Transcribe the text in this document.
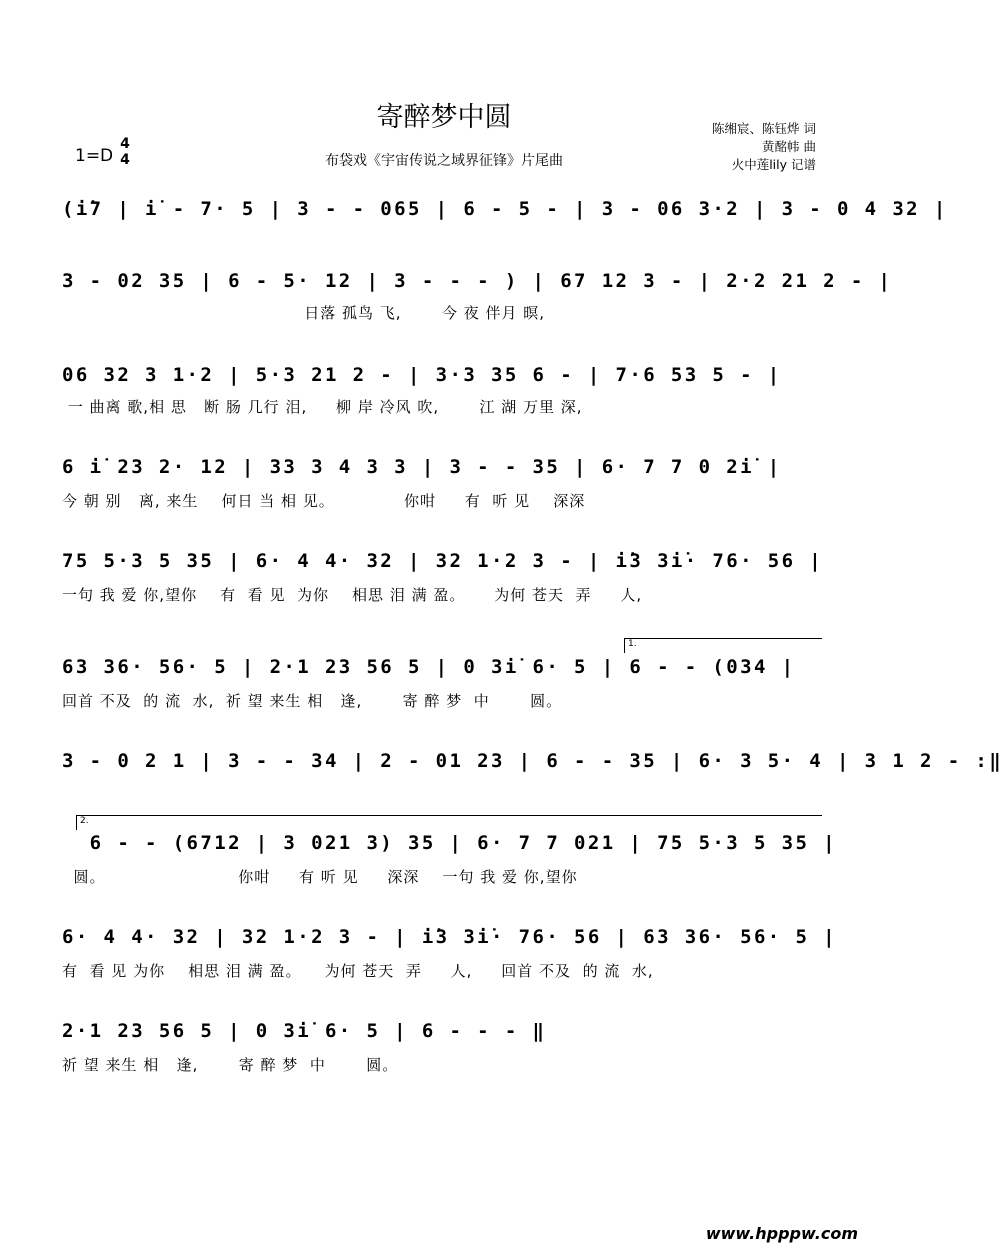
寄醉梦中圆
布袋戏《宇宙传说之域界征锋》片尾曲
1=D
4
4
陈缃宸、陈钰烨 词
黄酩帏 曲
火中莲lily 记谱
(i̇7 | i̇ - 7· 5 | 3 - - 065 | 6 - 5 - | 3 - 06 3·2 | 3 - 0 4 32 |
3 - 02 35 | 6 - 5· 12 | 3 - - - ) | 67 12 3 - | 2·2 21 2 - |
日落 孤鸟 飞,       今 夜 伴月 暝,
06 32 3 1·2 | 5·3 21 2 - | 3·3 35 6 - | 7·6 53 5 - |
一 曲离 歌,相 思   断 肠 几行 泪,     柳 岸 冷风 吹,       江 湖 万里 深,
6 i̇ 23 2· 12 | 33 3 4 3 3 | 3 - - 35 | 6· 7 7 0 2i̇ |
今 朝 别   离, 来生    何日 当 相 见。            你咁     有  听 见    深深
75 5·3 5 35 | 6· 4 4· 32 | 32 1·2 3 - | i̇3 3i̇· 76· 56 |
一句 我 爱 你,望你    有  看 见  为你    相思 泪 满 盈。     为何 苍天  弄     人,
1.
63 36· 56· 5 | 2·1 23 56 5 | 0 3i̇ 6· 5 | 6 - - (034 |
回首 不及  的 流  水,  祈 望 来生 相   逢,       寄 醉 梦  中       圆。
3 - 0 2 1 | 3 - - 34 | 2 - 01 23 | 6 - - 35 | 6· 3 5· 4 | 3 1 2 - :‖
2.
6 - - (6712 | 3 021 3) 35 | 6· 7 7 021 | 75 5·3 5 35 |
圆。                       你咁     有 听 见     深深    一句 我 爱 你,望你
6· 4 4· 32 | 32 1·2 3 - | i̇3 3i̇· 76· 56 | 63 36· 56· 5 |
有  看 见 为你    相思 泪 满 盈。    为何 苍天  弄     人,     回首 不及  的 流  水,
2·1 23 56 5 | 0 3i̇ 6· 5 | 6 - - - ‖
祈 望 来生 相   逢,       寄 醉 梦  中       圆。
www.hpppw.com
